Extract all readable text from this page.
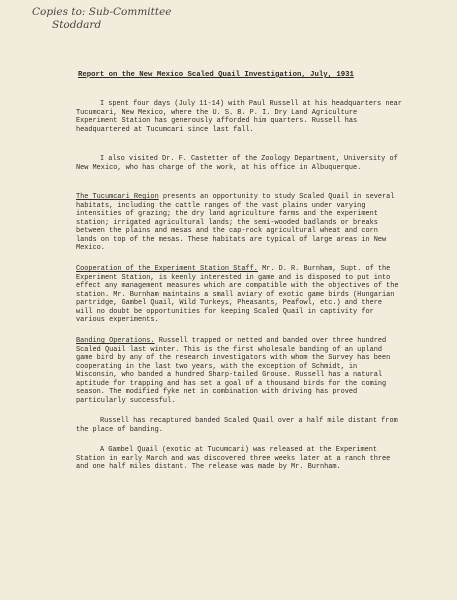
Copies to: Sub-Committee
Stoddard
Report on the New Mexico Scaled Quail Investigation, July, 1931

I spent four days (July 11-14) with Paul Russell at his headquarters near Tucumcari, New Mexico, where the U. S. B. P. I. Dry Land Agriculture Experiment Station has generously afforded him quarters. Russell has headquartered at Tucumcari since last fall.

I also visited Dr. F. Castetter of the Zoology Department, University of New Mexico, who has charge of the work, at his office in Albuquerque.

The Tucumcari Region presents an opportunity to study Scaled Quail in several habitats, including the cattle ranges of the vast plains under varying intensities of grazing; the dry land agriculture farms and the experiment station; irrigated agricultural lands; the semi-wooded badlands or breaks between the plains and mesas and the cap-rock agricultural wheat and corn lands on top of the mesas. These habitats are typical of large areas in New Mexico.

Cooperation of the Experiment Station Staff. Mr. D. R. Burnham, Supt. of the Experiment Station, is keenly interested in game and is disposed to put into effect any management measures which are compatible with the objectives of the station. Mr. Burnham maintains a small aviary of exotic game birds (Hungarian partridge, Gambel Quail, Wild Turkeys, Pheasants, Peafowl, etc.) and there will no doubt be opportunities for keeping Scaled Quail in captivity for various experiments.

Banding Operations. Russell trapped or netted and banded over three hundred Scaled Quail last winter. This is the first wholesale banding of an upland game bird by any of the research investigators with whom the Survey has been cooperating in the last two years, with the exception of Schmidt, in Wisconsin, who banded a hundred Sharp-tailed Grouse. Russell has a natural aptitude for trapping and has set a goal of a thousand birds for the coming season. The modified fyke net in combination with driving has proved particularly successful.

Russell has recaptured banded Scaled Quail over a half mile distant from the place of banding.

A Gambel Quail (exotic at Tucumcari) was released at the Experiment Station in early March and was discovered three weeks later at a ranch three and one half miles distant. The release was made by Mr. Burnham.
